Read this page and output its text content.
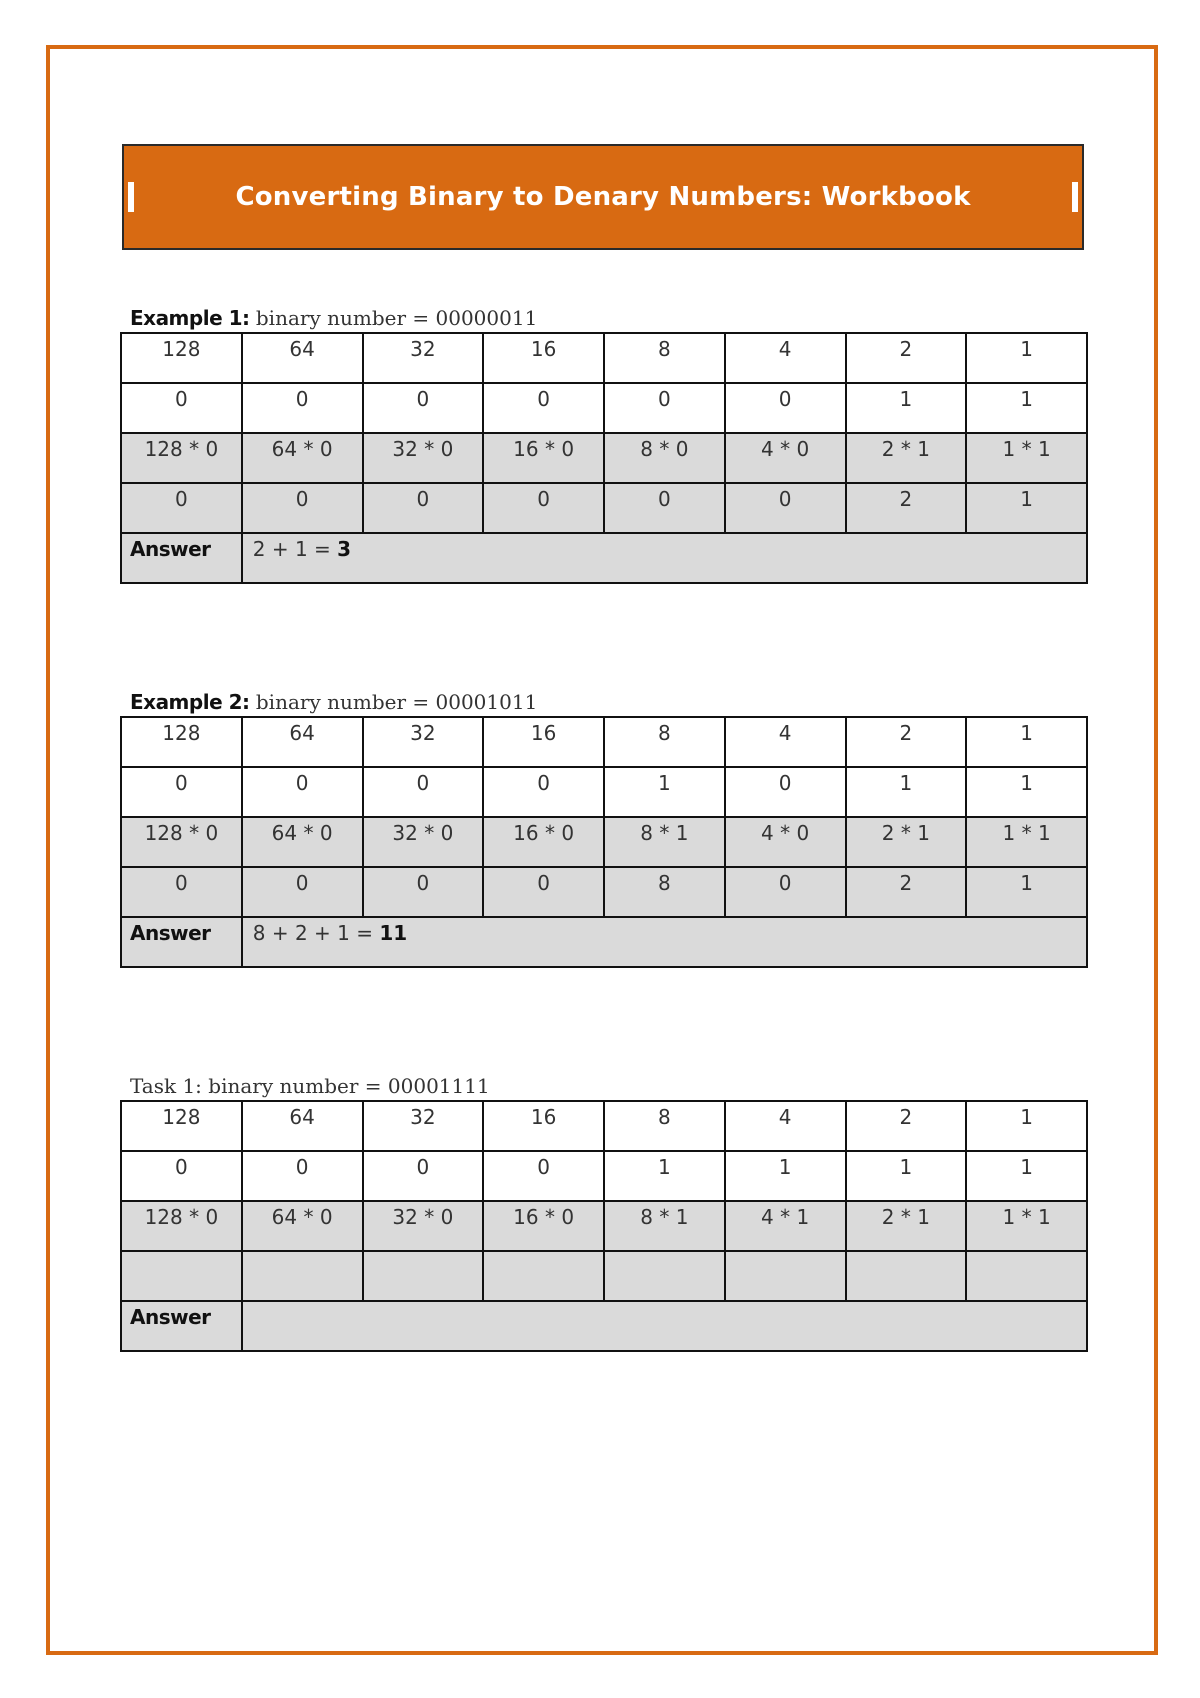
Converting Binary to Denary Numbers: Workbook
Example 1: binary number = 00000011
128	64	32	16	8	4	2	1
0	0	0	0	0	0	1	1
128 * 0	64 * 0	32 * 0	16 * 0	8 * 0	4 * 0	2 * 1	1 * 1
0	0	0	0	0	0	2	1
Answer	2 + 1 = 3						
Example 2: binary number = 00001011
128	64	32	16	8	4	2	1
0	0	0	0	1	0	1	1
128 * 0	64 * 0	32 * 0	16 * 0	8 * 1	4 * 0	2 * 1	1 * 1
0	0	0	0	8	0	2	1
Answer	8 + 2 + 1 = 11						
Task 1: binary number = 00001111
128	64	32	16	8	4	2	1
0	0	0	0	1	1	1	1
128 * 0	64 * 0	32 * 0	16 * 0	8 * 1	4 * 1	2 * 1	1 * 1

Answer							
